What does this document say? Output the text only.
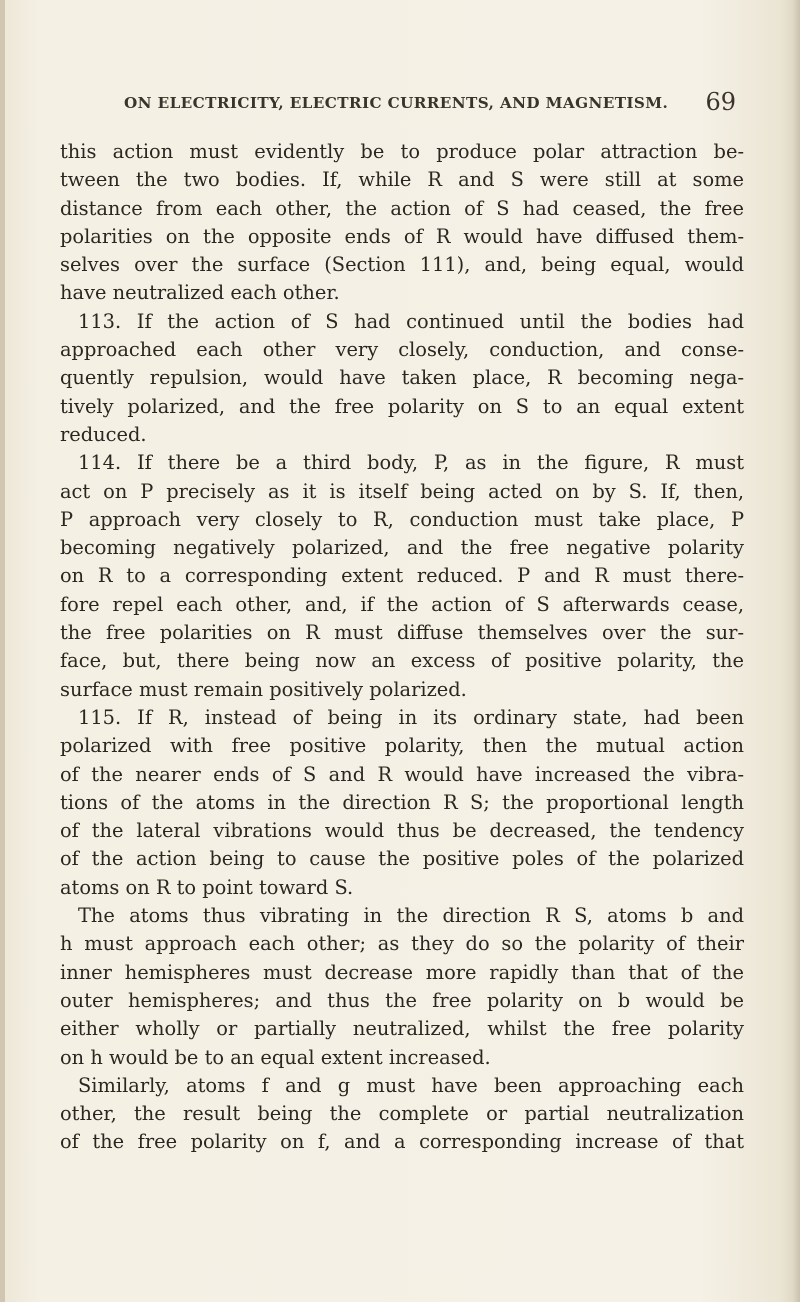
ON ELECTRICITY, ELECTRIC CURRENTS, AND MAGNETISM. 69
this action must evidently be to produce polar attraction be-
tween the two bodies. If, while R and S were still at some
distance from each other, the action of S had ceased, the free
polarities on the opposite ends of R would have diffused them-
selves over the surface (Section 111), and, being equal, would
have neutralized each other.
113. If the action of S had continued until the bodies had
approached each other very closely, conduction, and conse-
quently repulsion, would have taken place, R becoming nega-
tively polarized, and the free polarity on S to an equal extent
reduced.
114. If there be a third body, P, as in the figure, R must
act on P precisely as it is itself being acted on by S. If, then,
P approach very closely to R, conduction must take place, P
becoming negatively polarized, and the free negative polarity
on R to a corresponding extent reduced. P and R must there-
fore repel each other, and, if the action of S afterwards cease,
the free polarities on R must diffuse themselves over the sur-
face, but, there being now an excess of positive polarity, the
surface must remain positively polarized.
115. If R, instead of being in its ordinary state, had been
polarized with free positive polarity, then the mutual action
of the nearer ends of S and R would have increased the vibra-
tions of the atoms in the direction R S; the proportional length
of the lateral vibrations would thus be decreased, the tendency
of the action being to cause the positive poles of the polarized
atoms on R to point toward S.
The atoms thus vibrating in the direction R S, atoms b and
h must approach each other; as they do so the polarity of their
inner hemispheres must decrease more rapidly than that of the
outer hemispheres; and thus the free polarity on b would be
either wholly or partially neutralized, whilst the free polarity
on h would be to an equal extent increased.
Similarly, atoms f and g must have been approaching each
other, the result being the complete or partial neutralization
of the free polarity on f, and a corresponding increase of that
